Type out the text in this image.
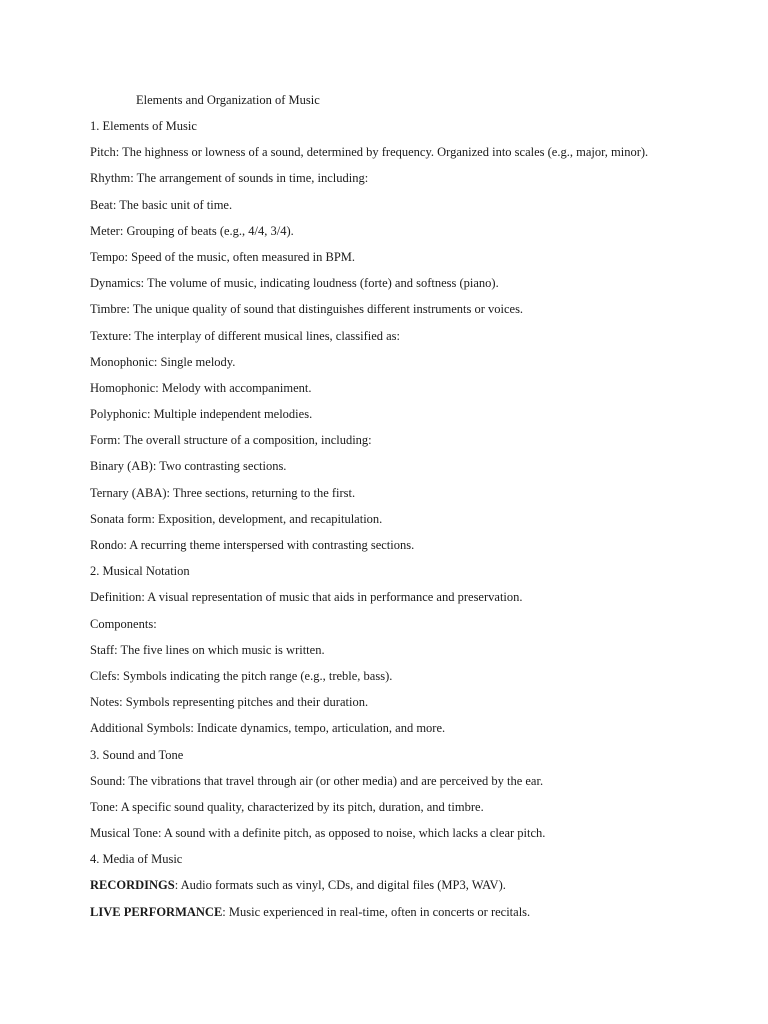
Elements and Organization of Music
1. Elements of Music
Pitch: The highness or lowness of a sound, determined by frequency. Organized into scales (e.g., major, minor).
Rhythm: The arrangement of sounds in time, including:
Beat: The basic unit of time.
Meter: Grouping of beats (e.g., 4/4, 3/4).
Tempo: Speed of the music, often measured in BPM.
Dynamics: The volume of music, indicating loudness (forte) and softness (piano).
Timbre: The unique quality of sound that distinguishes different instruments or voices.
Texture: The interplay of different musical lines, classified as:
Monophonic: Single melody.
Homophonic: Melody with accompaniment.
Polyphonic: Multiple independent melodies.
Form: The overall structure of a composition, including:
Binary (AB): Two contrasting sections.
Ternary (ABA): Three sections, returning to the first.
Sonata form: Exposition, development, and recapitulation.
Rondo: A recurring theme interspersed with contrasting sections.
2. Musical Notation
Definition: A visual representation of music that aids in performance and preservation.
Components:
Staff: The five lines on which music is written.
Clefs: Symbols indicating the pitch range (e.g., treble, bass).
Notes: Symbols representing pitches and their duration.
Additional Symbols: Indicate dynamics, tempo, articulation, and more.
3. Sound and Tone
Sound: The vibrations that travel through air (or other media) and are perceived by the ear.
Tone: A specific sound quality, characterized by its pitch, duration, and timbre.
Musical Tone: A sound with a definite pitch, as opposed to noise, which lacks a clear pitch.
4. Media of Music
RECORDINGS: Audio formats such as vinyl, CDs, and digital files (MP3, WAV).
LIVE PERFORMANCE: Music experienced in real-time, often in concerts or recitals.
